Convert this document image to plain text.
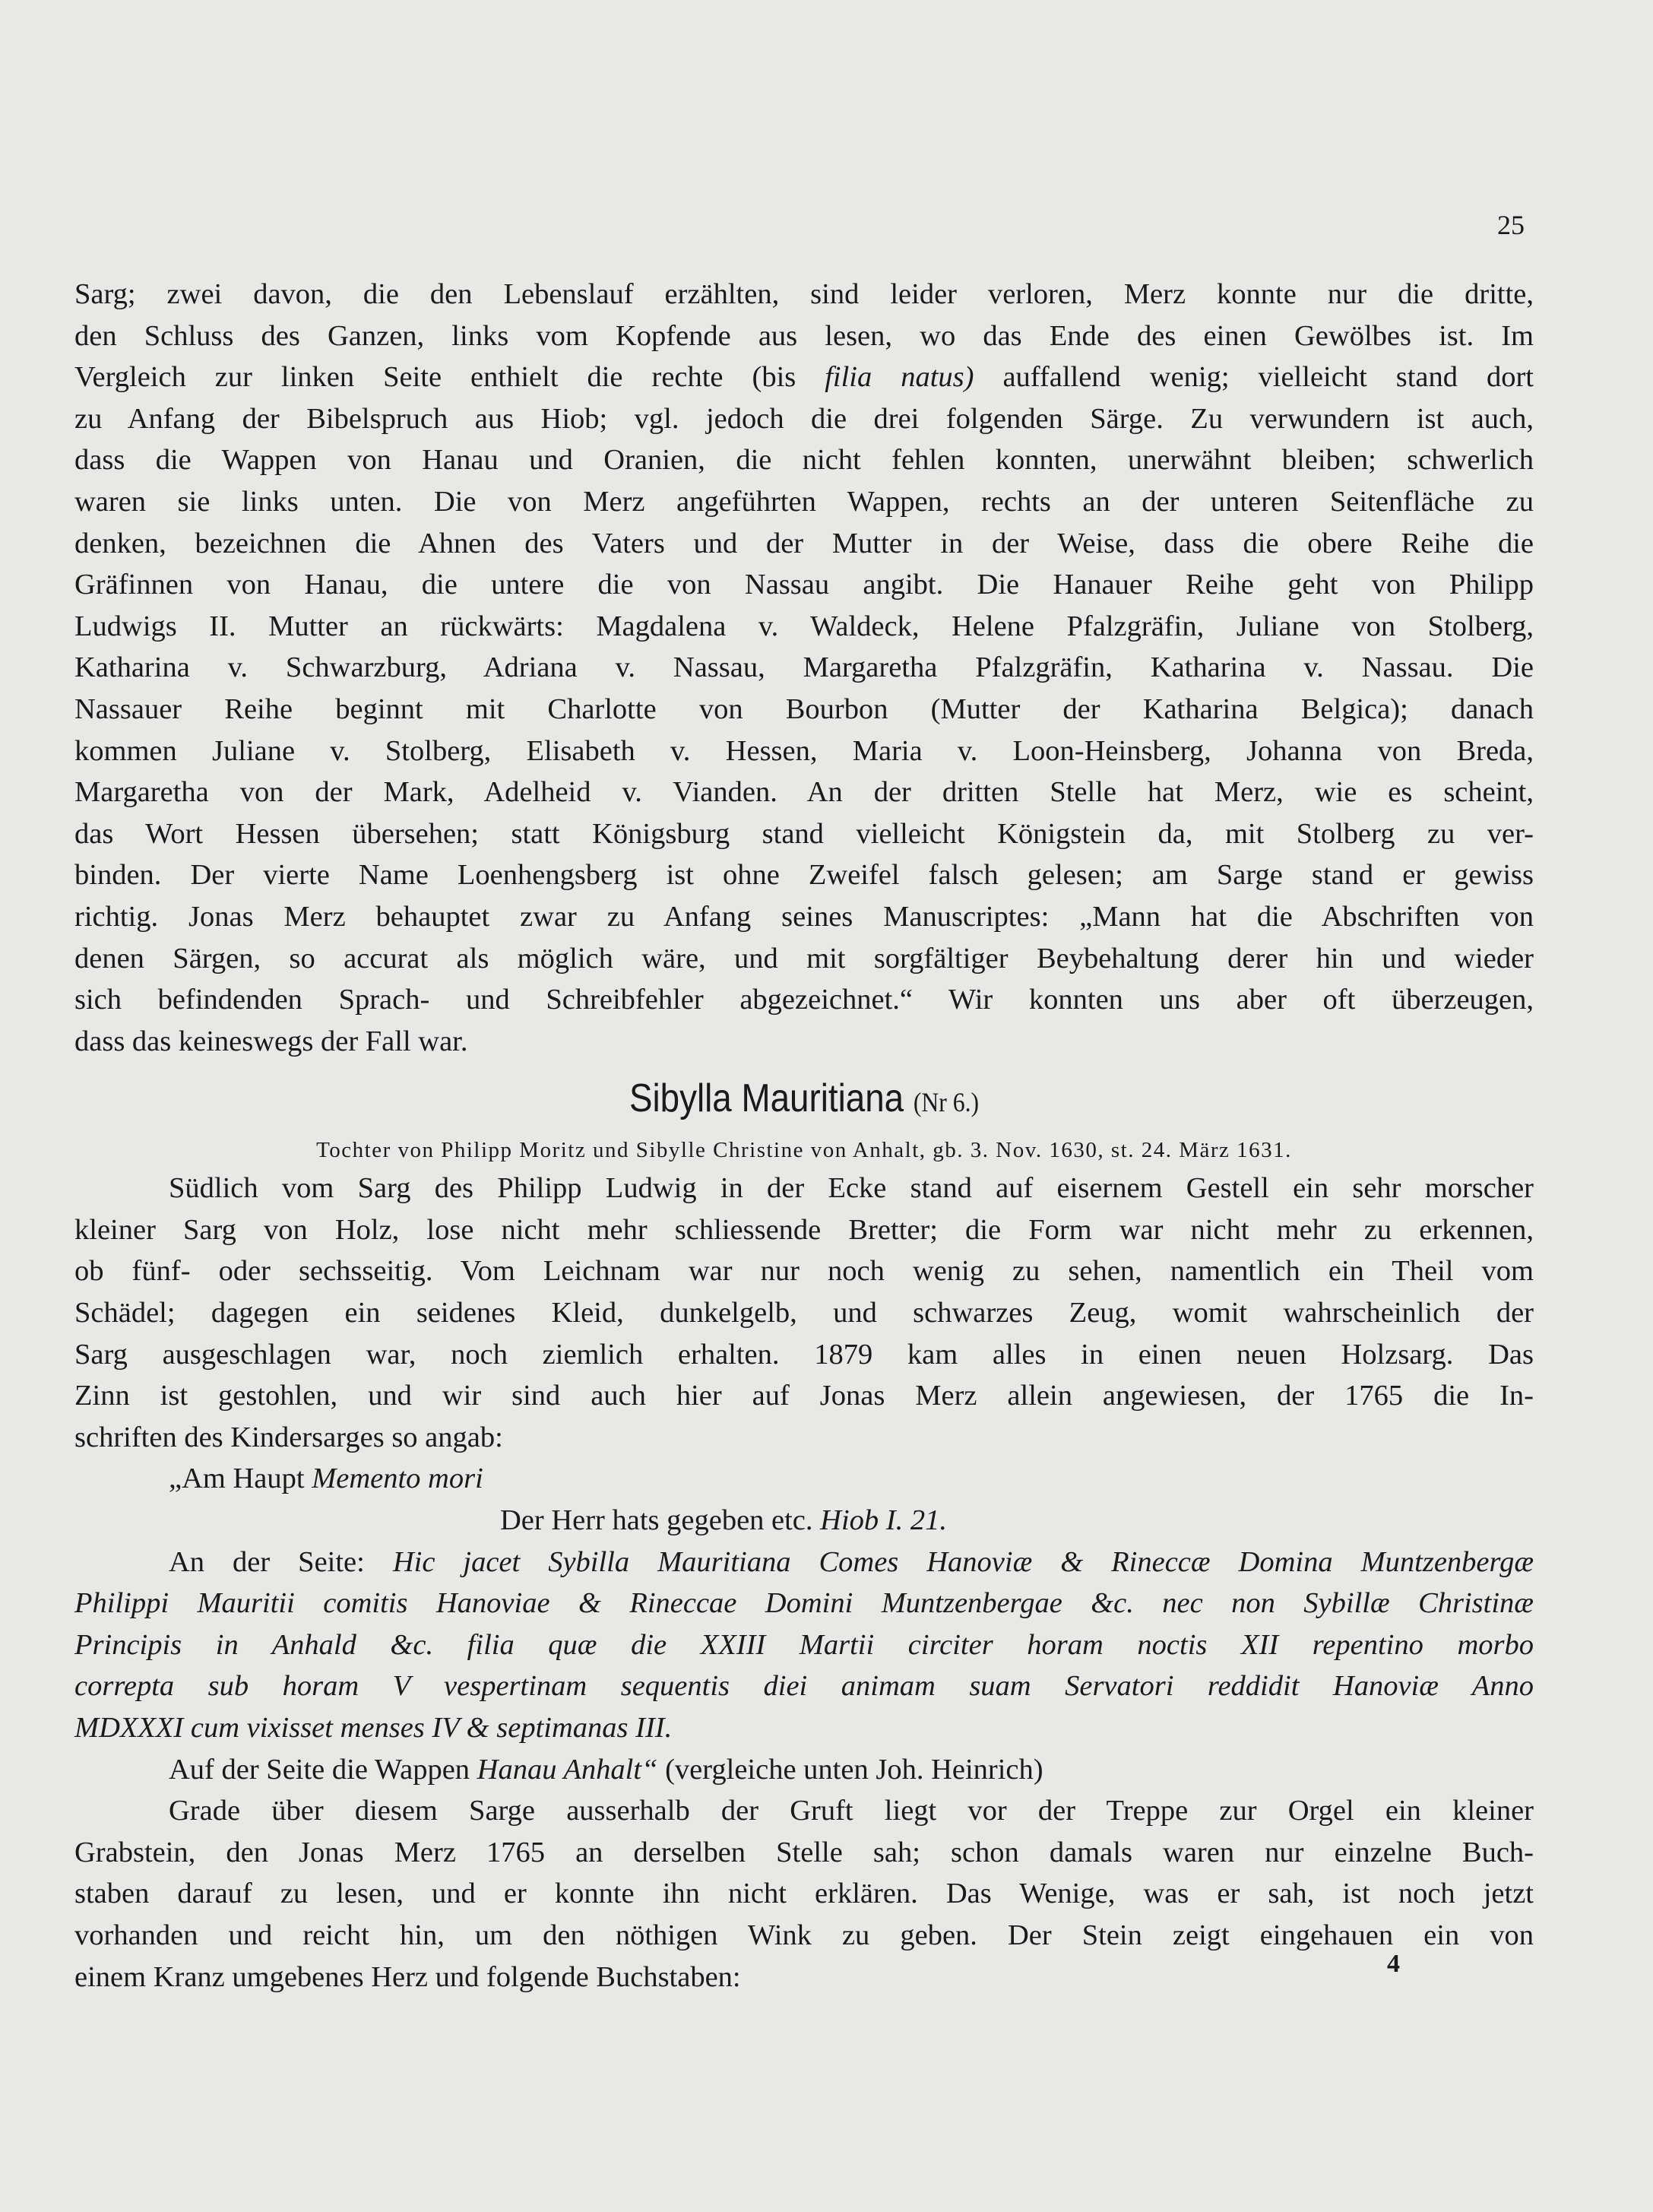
25

Sarg; zwei davon, die den Lebenslauf erzählten, sind leider verloren, Merz konnte nur die dritte,

den Schluss des Ganzen, links vom Kopfende aus lesen, wo das Ende des einen Gewölbes ist. Im

Vergleich zur linken Seite enthielt die rechte (bis filia natus) auffallend wenig; vielleicht stand dort

zu Anfang der Bibelspruch aus Hiob; vgl. jedoch die drei folgenden Särge. Zu verwundern ist auch,

dass die Wappen von Hanau und Oranien, die nicht fehlen konnten, unerwähnt bleiben; schwerlich

waren sie links unten. Die von Merz angeführten Wappen, rechts an der unteren Seitenfläche zu

denken, bezeichnen die Ahnen des Vaters und der Mutter in der Weise, dass die obere Reihe die

Gräfinnen von Hanau, die untere die von Nassau angibt. Die Hanauer Reihe geht von Philipp

Ludwigs II. Mutter an rückwärts: Magdalena v. Waldeck, Helene Pfalzgräfin, Juliane von Stolberg,

Katharina v. Schwarzburg, Adriana v. Nassau, Margaretha Pfalzgräfin, Katharina v. Nassau. Die

Nassauer Reihe beginnt mit Charlotte von Bourbon (Mutter der Katharina Belgica); danach

kommen Juliane v. Stolberg, Elisabeth v. Hessen, Maria v. Loon-Heinsberg, Johanna von Breda,

Margaretha von der Mark, Adelheid v. Vianden. An der dritten Stelle hat Merz, wie es scheint,

das Wort Hessen übersehen; statt Königsburg stand vielleicht Königstein da, mit Stolberg zu ver-

binden. Der vierte Name Loenhengsberg ist ohne Zweifel falsch gelesen; am Sarge stand er gewiss

richtig. Jonas Merz behauptet zwar zu Anfang seines Manuscriptes: „Mann hat die Abschriften von

denen Särgen, so accurat als möglich wäre, und mit sorgfältiger Beybehaltung derer hin und wieder

sich befindenden Sprach- und Schreibfehler abgezeichnet.“ Wir konnten uns aber oft überzeugen,

dass das keineswegs der Fall war.

Sibylla Mauritiana (Nr 6.)
Tochter von Philipp Moritz und Sibylle Christine von Anhalt, gb. 3. Nov. 1630, st. 24. März 1631.

Südlich vom Sarg des Philipp Ludwig in der Ecke stand auf eisernem Gestell ein sehr morscher

kleiner Sarg von Holz, lose nicht mehr schliessende Bretter; die Form war nicht mehr zu erkennen,

ob fünf- oder sechsseitig. Vom Leichnam war nur noch wenig zu sehen, namentlich ein Theil vom

Schädel; dagegen ein seidenes Kleid, dunkelgelb, und schwarzes Zeug, womit wahrscheinlich der

Sarg ausgeschlagen war, noch ziemlich erhalten. 1879 kam alles in einen neuen Holzsarg. Das

Zinn ist gestohlen, und wir sind auch hier auf Jonas Merz allein angewiesen, der 1765 die In-

schriften des Kindersarges so angab:

„Am Haupt Memento mori
Der Herr hats gegeben etc. Hiob I. 21.

An der Seite: Hic jacet Sybilla Mauritiana Comes Hanoviæ & Rineccæ Domina Muntzenbergæ

Philippi Mauritii comitis Hanoviae & Rineccae Domini Muntzenbergae &c. nec non Sybillæ Christinæ

Principis in Anhald &c. filia quæ die XXIII Martii circiter horam noctis XII repentino morbo

correpta sub horam V vespertinam sequentis diei animam suam Servatori reddidit Hanoviæ Anno

MDXXXI cum vixisset menses IV & septimanas III.

Auf der Seite die Wappen Hanau Anhalt“ (vergleiche unten Joh. Heinrich)

Grade über diesem Sarge ausserhalb der Gruft liegt vor der Treppe zur Orgel ein kleiner

Grabstein, den Jonas Merz 1765 an derselben Stelle sah; schon damals waren nur einzelne Buch-

staben darauf zu lesen, und er konnte ihn nicht erklären. Das Wenige, was er sah, ist noch jetzt

vorhanden und reicht hin, um den nöthigen Wink zu geben. Der Stein zeigt eingehauen ein von

einem Kranz umgebenes Herz und folgende Buchstaben:	4
